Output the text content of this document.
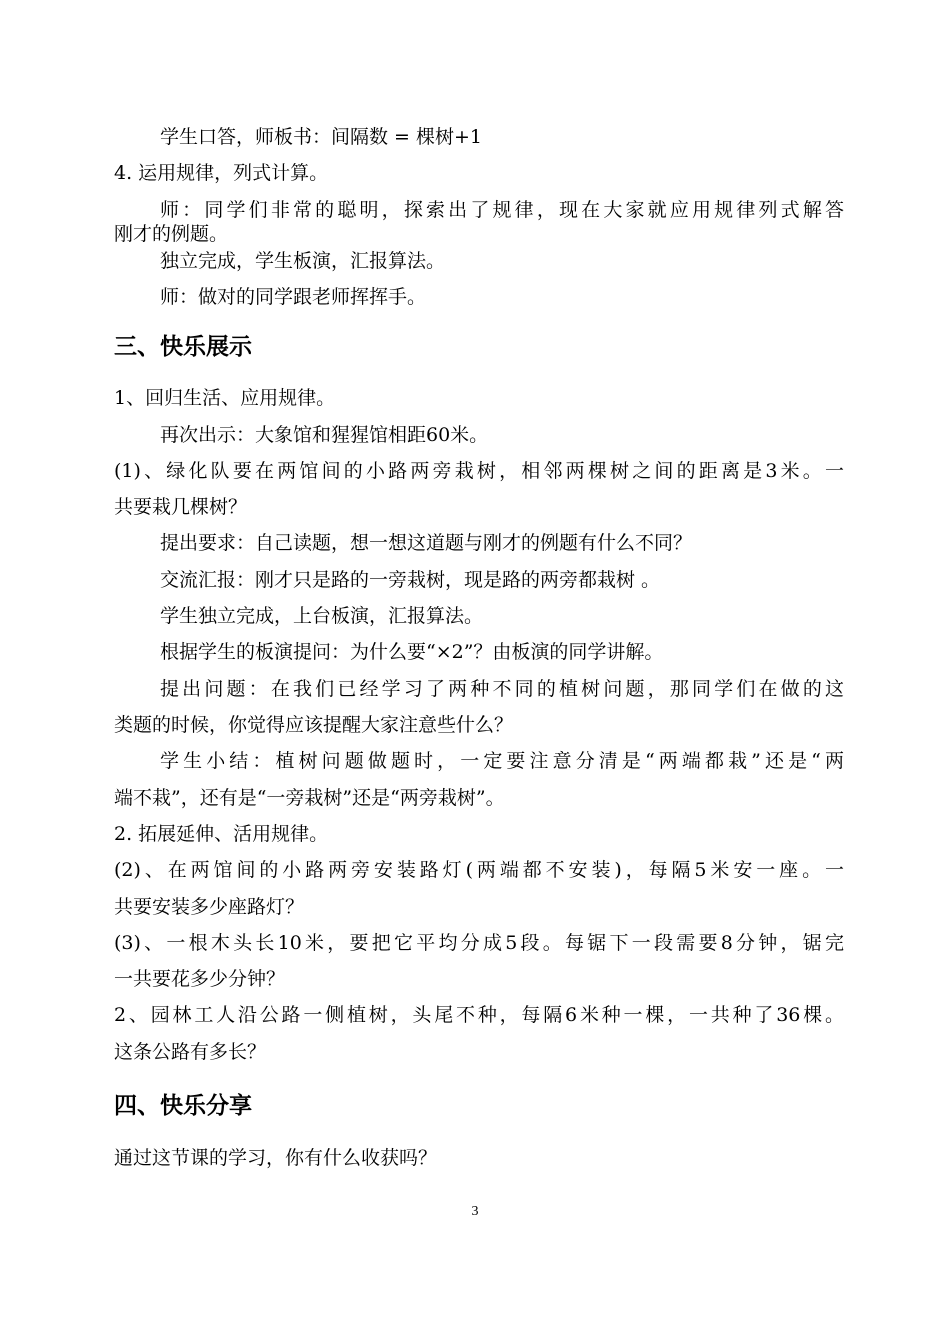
学生口答，师板书：间隔数 = 棵树+1
4. 运用规律，列式计算。
师：同学们非常的聪明，探索出了规律，现在大家就应用规律列式解答
刚才的例题。
独立完成，学生板演，汇报算法。
师：做对的同学跟老师挥挥手。
三、快乐展示
1、回归生活、应用规律。
再次出示：大象馆和猩猩馆相距60米。
(1)、绿化队要在两馆间的小路两旁栽树，相邻两棵树之间的距离是3米。一
共要栽几棵树？
提出要求：自己读题，想一想这道题与刚才的例题有什么不同？
交流汇报：刚才只是路的一旁栽树，现是路的两旁都栽树 。
学生独立完成，上台板演，汇报算法。
根据学生的板演提问：为什么要“×2”？由板演的同学讲解。
提出问题：在我们已经学习了两种不同的植树问题，那同学们在做的这
类题的时候，你觉得应该提醒大家注意些什么？
学生小结：植树问题做题时，一定要注意分清是“两端都栽”还是“两
端不栽”，还有是“一旁栽树”还是“两旁栽树”。
2. 拓展延伸、活用规律。
(2)、在两馆间的小路两旁安装路灯(两端都不安装)，每隔5米安一座。一
共要安装多少座路灯？
(3)、一根木头长10米，要把它平均分成5段。每锯下一段需要8分钟，锯完
一共要花多少分钟？
2、园林工人沿公路一侧植树，头尾不种，每隔6米种一棵，一共种了36棵。
这条公路有多长？
四、快乐分享
通过这节课的学习，你有什么收获吗？
3
